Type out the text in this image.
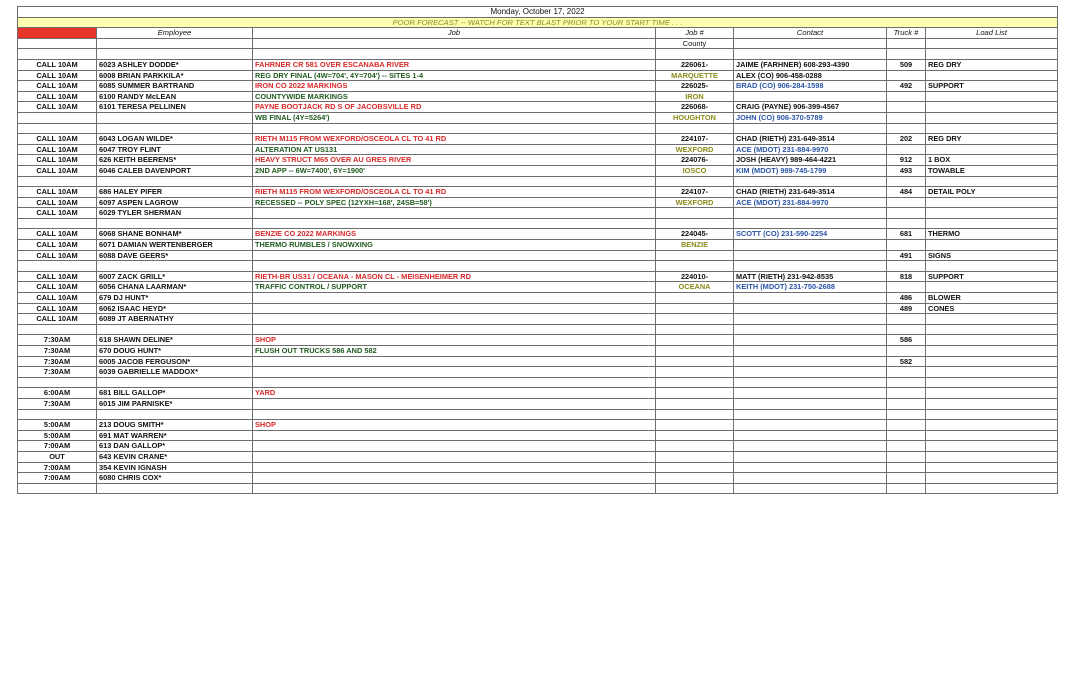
Monday, October 17, 2022						
POOR FORECAST -- WATCH FOR TEXT BLAST PRIOR TO YOUR START TIME . . .						
Time	Employee	Job	Job #	Contact	Truck #	Load List
			County			

CALL 10AM	6023 ASHLEY DODDE*	FAHRNER CR 581 OVER ESCANABA RIVER	226061-	JAIME (FARHNER) 608-293-4390	509	REG DRY
CALL 10AM	6008 BRIAN PARKKILA*	REG DRY FINAL (4W=704', 4Y=704') -- SITES 1-4	MARQUETTE	ALEX (CO) 906-458-0288		
CALL 10AM	6085 SUMMER BARTRAND	IRON CO 2022 MARKINGS	226025-	BRAD (CO) 906-284-1598	492	SUPPORT
CALL 10AM	6100 RANDY McLEAN	COUNTYWIDE MARKINGS	IRON			
CALL 10AM	6101 TERESA PELLINEN	PAYNE BOOTJACK RD S OF JACOBSVILLE RD	226068-	CRAIG (PAYNE) 906-399-4567		
		WB FINAL (4Y=5264')	HOUGHTON	JOHN (CO) 906-370-5789		

CALL 10AM	6043 LOGAN WILDE*	RIETH M115 FROM WEXFORD/OSCEOLA CL TO 41 RD	224107-	CHAD (RIETH) 231-649-3514	202	REG DRY
CALL 10AM	6047 TROY FLINT	ALTERATION AT US131	WEXFORD	ACE (MDOT) 231-884-9970		
CALL 10AM	626 KEITH BEERENS*	HEAVY STRUCT M65 OVER AU GRES RIVER	224076-	JOSH (HEAVY) 989-464-4221	912	1 BOX
CALL 10AM	6046 CALEB DAVENPORT	2ND APP -- 6W=7400', 6Y=1900'	IOSCO	KIM (MDOT) 989-745-1799	493	TOWABLE

CALL 10AM	686 HALEY PIFER	RIETH M115 FROM WEXFORD/OSCEOLA CL TO 41 RD	224107-	CHAD (RIETH) 231-649-3514	484	DETAIL POLY
CALL 10AM	6097 ASPEN LAGROW	RECESSED -- POLY SPEC (12YXH=168', 24SB=58')	WEXFORD	ACE (MDOT) 231-884-9970		
CALL 10AM	6029 TYLER SHERMAN					

CALL 10AM	6068 SHANE BONHAM*	BENZIE CO 2022 MARKINGS	224045-	SCOTT (CO) 231-590-2254	681	THERMO
CALL 10AM	6071 DAMIAN WERTENBERGER	THERMO RUMBLES / SNOWXING	BENZIE			
CALL 10AM	6088 DAVE GEERS*				491	SIGNS

CALL 10AM	6007 ZACK GRILL*	RIETH-BR US31 / OCEANA - MASON CL - MEISENHEIMER RD	224010-	MATT (RIETH) 231-942-8535	818	SUPPORT
CALL 10AM	6056 CHANA LAARMAN*	TRAFFIC CONTROL / SUPPORT	OCEANA	KEITH (MDOT) 231-750-2688		
CALL 10AM	679 DJ HUNT*				486	BLOWER
CALL 10AM	6062 ISAAC HEYD*				489	CONES
CALL 10AM	6089 JT ABERNATHY					

7:30AM	618 SHAWN DELINE*	SHOP			586	
7:30AM	670 DOUG HUNT*	FLUSH OUT TRUCKS 586 AND 582				
7:30AM	6005 JACOB FERGUSON*				582	
7:30AM	6039 GABRIELLE MADDOX*					

6:00AM	681 BILL GALLOP*	YARD				
7:30AM	6015 JIM PARNISKE*					

5:00AM	213 DOUG SMITH*	SHOP				
5:00AM	691 MAT WARREN*					
7:00AM	613 DAN GALLOP*					
OUT	643 KEVIN CRANE*					
7:00AM	354 KEVIN IGNASH					
7:00AM	6080 CHRIS COX*					
